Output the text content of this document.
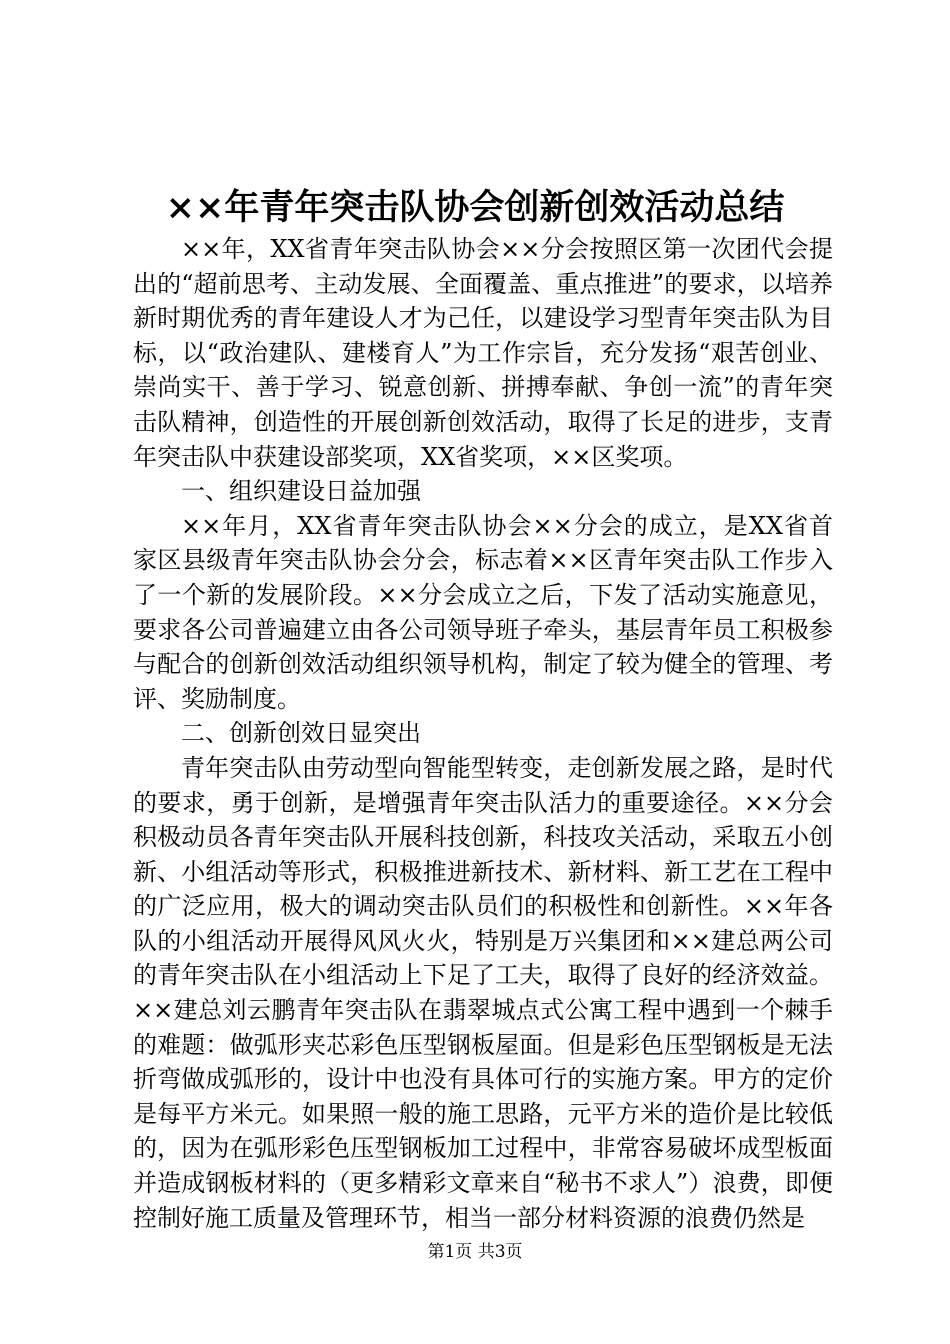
××年青年突击队协会创新创效活动总结

××年，XX省青年突击队协会××分会按照区第一次团代会提出的“超前思考、主动发展、全面覆盖、重点推进”的要求，以培养新时期优秀的青年建设人才为己任，以建设学习型青年突击队为目标，以“政治建队、建楼育人”为工作宗旨，充分发扬“艰苦创业、崇尚实干、善于学习、锐意创新、拼搏奉献、争创一流”的青年突击队精神，创造性的开展创新创效活动，取得了长足的进步，支青年突击队中获建设部奖项，XX省奖项，××区奖项。

一、组织建设日益加强

××年月，XX省青年突击队协会××分会的成立，是XX省首家区县级青年突击队协会分会，标志着××区青年突击队工作步入了一个新的发展阶段。××分会成立之后，下发了活动实施意见，要求各公司普遍建立由各公司领导班子牵头，基层青年员工积极参与配合的创新创效活动组织领导机构，制定了较为健全的管理、考评、奖励制度。

二、创新创效日显突出

青年突击队由劳动型向智能型转变，走创新发展之路，是时代的要求，勇于创新，是增强青年突击队活力的重要途径。××分会积极动员各青年突击队开展科技创新，科技攻关活动，采取五小创新、小组活动等形式，积极推进新技术、新材料、新工艺在工程中的广泛应用，极大的调动突击队员们的积极性和创新性。××年各队的小组活动开展得风风火火，特别是万兴集团和××建总两公司的青年突击队在小组活动上下足了工夫，取得了良好的经济效益。××建总刘云鹏青年突击队在翡翠城点式公寓工程中遇到一个棘手的难题：做弧形夹芯彩色压型钢板屋面。但是彩色压型钢板是无法折弯做成弧形的，设计中也没有具体可行的实施方案。甲方的定价是每平方米元。如果照一般的施工思路，元平方米的造价是比较低的，因为在弧形彩色压型钢板加工过程中，非常容易破坏成型板面并造成钢板材料的（更多精彩文章来自“秘书不求人”）浪费，即便控制好施工质量及管理环节，相当一部分材料资源的浪费仍然是

第1页 共3页
